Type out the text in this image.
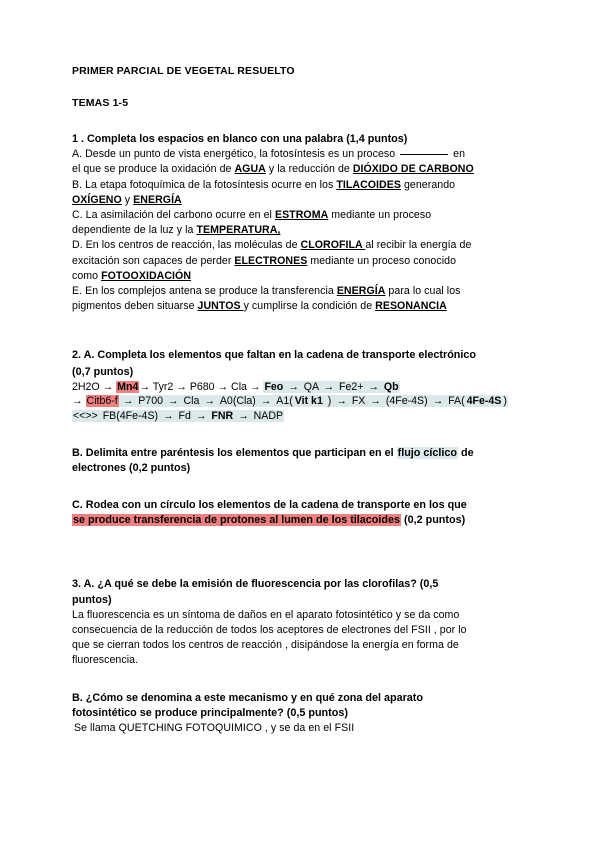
PRIMER PARCIAL DE VEGETAL RESUELTO
TEMAS 1-5
1 . Completa los espacios en blanco con una palabra (1,4 puntos)
A. Desde un punto de vista energético, la fotosíntesis es un proceso	en
el que se produce la oxidación de AGUA y la reducción de DIÓXIDO DE CARBONO
B. La etapa fotoquímica de la fotosíntesis ocurre en los TILACOIDES generando
OXÍGENO y ENERGÍA
C. La asimilación del carbono ocurre en el ESTROMA mediante un proceso
dependiente de la luz y la TEMPERATURA,
D. En los centros de reacción, las moléculas de CLOROFILA al recibir la energía de
excitación son capaces de perder ELECTRONES mediante un proceso conocido
como FOTOOXIDACIÓN
E. En los complejos antena se produce la transferencia ENERGÍA para lo cual los
pigmentos deben situarse JUNTOS y cumplirse la condición de RESONANCIA
2. A. Completa los elementos que faltan en la cadena de transporte electrónico
(0,7 puntos)
2H2O → Mn4→ Tyr2 → P680 → Cla → Feo → QA → Fe2+ → Qb
→ Citb6-f → P700 → Cla → A0(Cla) → A1( Vit k1 ) → FX → (4Fe-4S) → FA( 4Fe-4S )
<<>> FB(4Fe-4S) → Fd → FNR → NADP
B. Delimita entre paréntesis los elementos que participan en el flujo cíclico de
electrones (0,2 puntos)
C. Rodea con un círculo los elementos de la cadena de transporte en los que
se produce transferencia de protones al lumen de los tilacoides (0,2 puntos)
3. A. ¿A qué se debe la emisión de fluorescencia por las clorofilas? (0,5
puntos)
La fluorescencia es un síntoma de daños en el aparato fotosintético y se da como
consecuencia de la reducción de todos los aceptores de electrones del FSII , por lo
que se cierran todos los centros de reacción , disipándose la energía en forma de
fluorescencia.
B. ¿Cómo se denomina a este mecanismo y en qué zona del aparato
fotosintético se produce principalmente? (0,5 puntos)
Se llama QUETCHING FOTOQUIMICO , y se da en el FSII
